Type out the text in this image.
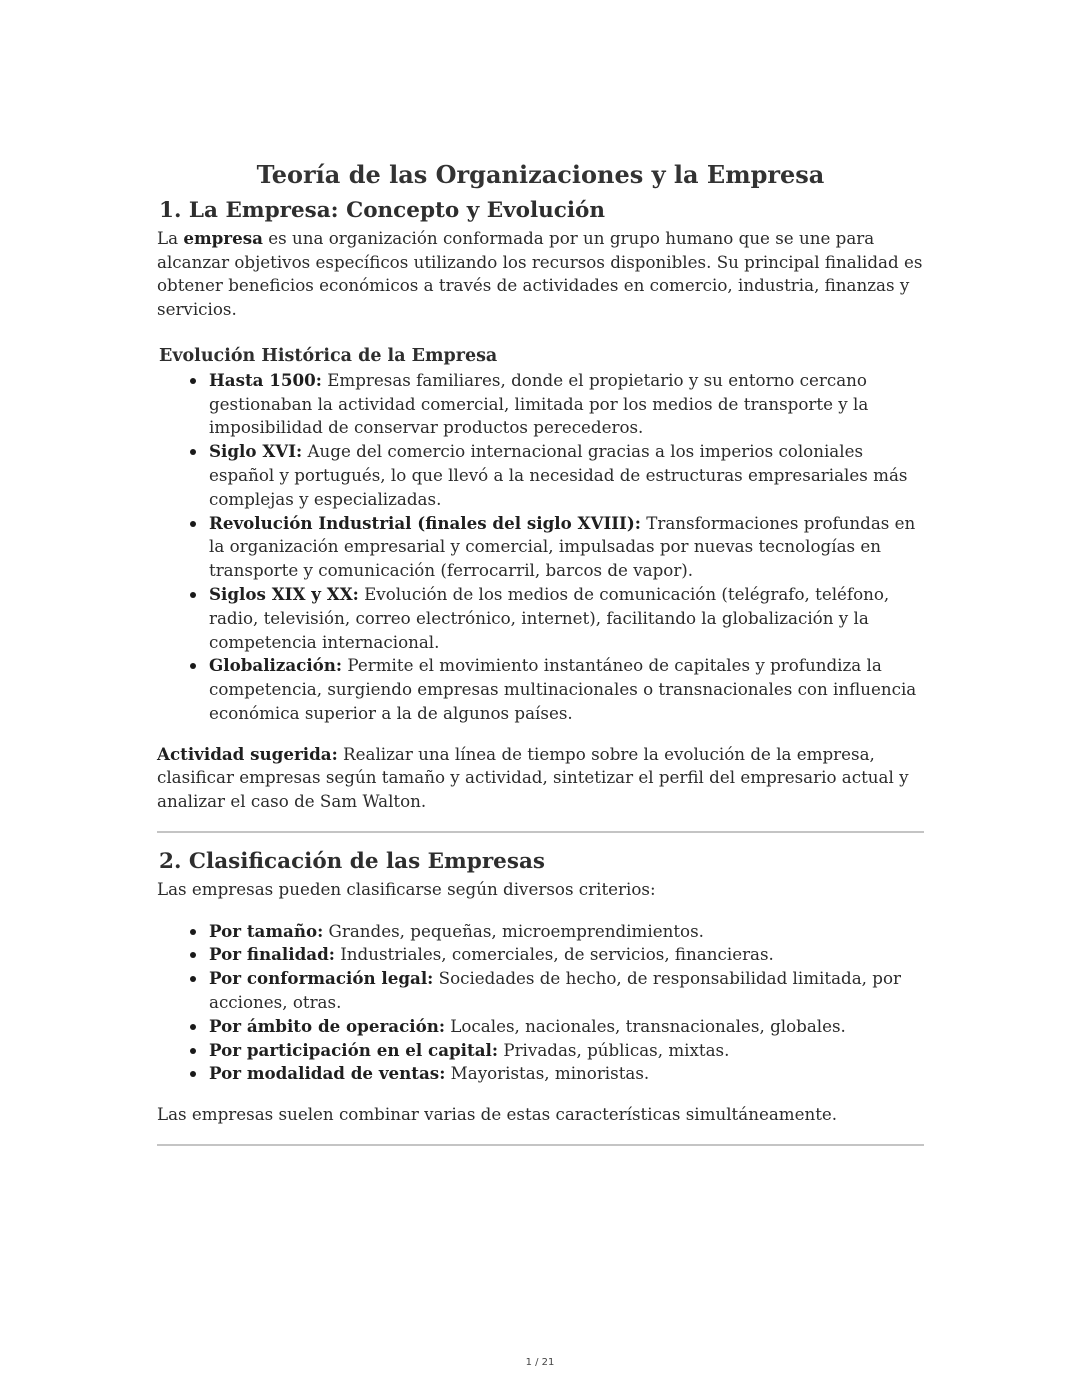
Teoría de las Organizaciones y la Empresa
1. La Empresa: Concepto y Evolución

La empresa es una organización conformada por un grupo humano que se une para alcanzar objetivos específicos utilizando los recursos disponibles. Su principal finalidad es obtener beneficios económicos a través de actividades en comercio, industria, finanzas y servicios.

Evolución Histórica de la Empresa
Hasta 1500: Empresas familiares, donde el propietario y su entorno cercano gestionaban la actividad comercial, limitada por los medios de transporte y la imposibilidad de conservar productos perecederos.
Siglo XVI: Auge del comercio internacional gracias a los imperios coloniales español y portugués, lo que llevó a la necesidad de estructuras empresariales más complejas y especializadas.
Revolución Industrial (finales del siglo XVIII): Transformaciones profundas en la organización empresarial y comercial, impulsadas por nuevas tecnologías en transporte y comunicación (ferrocarril, barcos de vapor).
Siglos XIX y XX: Evolución de los medios de comunicación (telégrafo, teléfono, radio, televisión, correo electrónico, internet), facilitando la globalización y la competencia internacional.
Globalización: Permite el movimiento instantáneo de capitales y profundiza la competencia, surgiendo empresas multinacionales o transnacionales con influencia económica superior a la de algunos países.

Actividad sugerida: Realizar una línea de tiempo sobre la evolución de la empresa, clasificar empresas según tamaño y actividad, sintetizar el perfil del empresario actual y analizar el caso de Sam Walton.

2. Clasificación de las Empresas

Las empresas pueden clasificarse según diversos criterios:

Por tamaño: Grandes, pequeñas, microemprendimientos.
Por finalidad: Industriales, comerciales, de servicios, financieras.
Por conformación legal: Sociedades de hecho, de responsabilidad limitada, por acciones, otras.
Por ámbito de operación: Locales, nacionales, transnacionales, globales.
Por participación en el capital: Privadas, públicas, mixtas.
Por modalidad de ventas: Mayoristas, minoristas.

Las empresas suelen combinar varias de estas características simultáneamente.

1 / 21
